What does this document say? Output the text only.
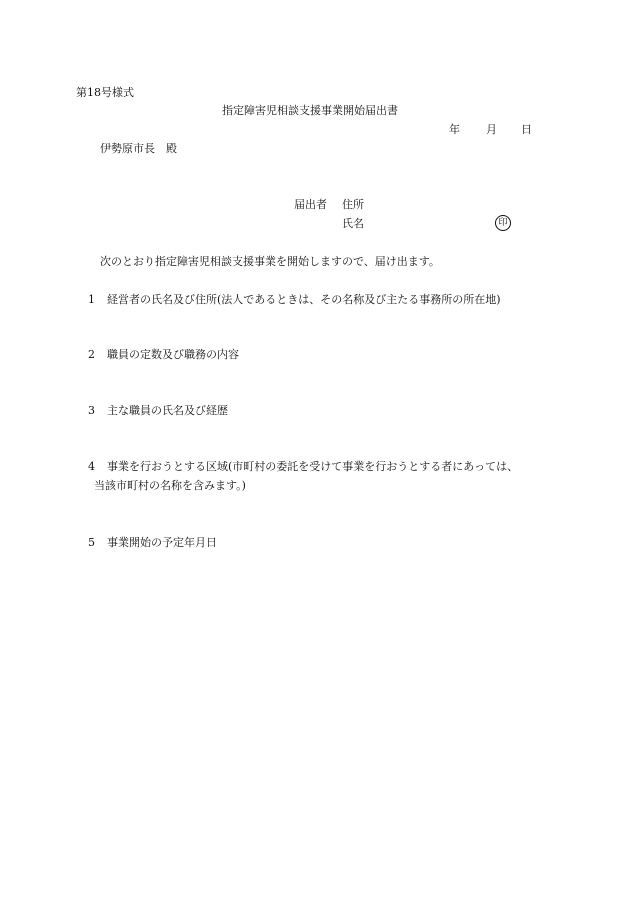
第18号様式
指定障害児相談支援事業開始届出書
年 月 日
伊勢原市長　殿
届出者 住所
氏名	印
次のとおり指定障害児相談支援事業を開始しますので、届け出ます。
1 経営者の氏名及び住所(法人であるときは、その名称及び主たる事務所の所在地)
2 職員の定数及び職務の内容
3 主な職員の氏名及び経歴
4 事業を行おうとする区域(市町村の委託を受けて事業を行おうとする者にあっては、
当該市町村の名称を含みます。)
5 事業開始の予定年月日
